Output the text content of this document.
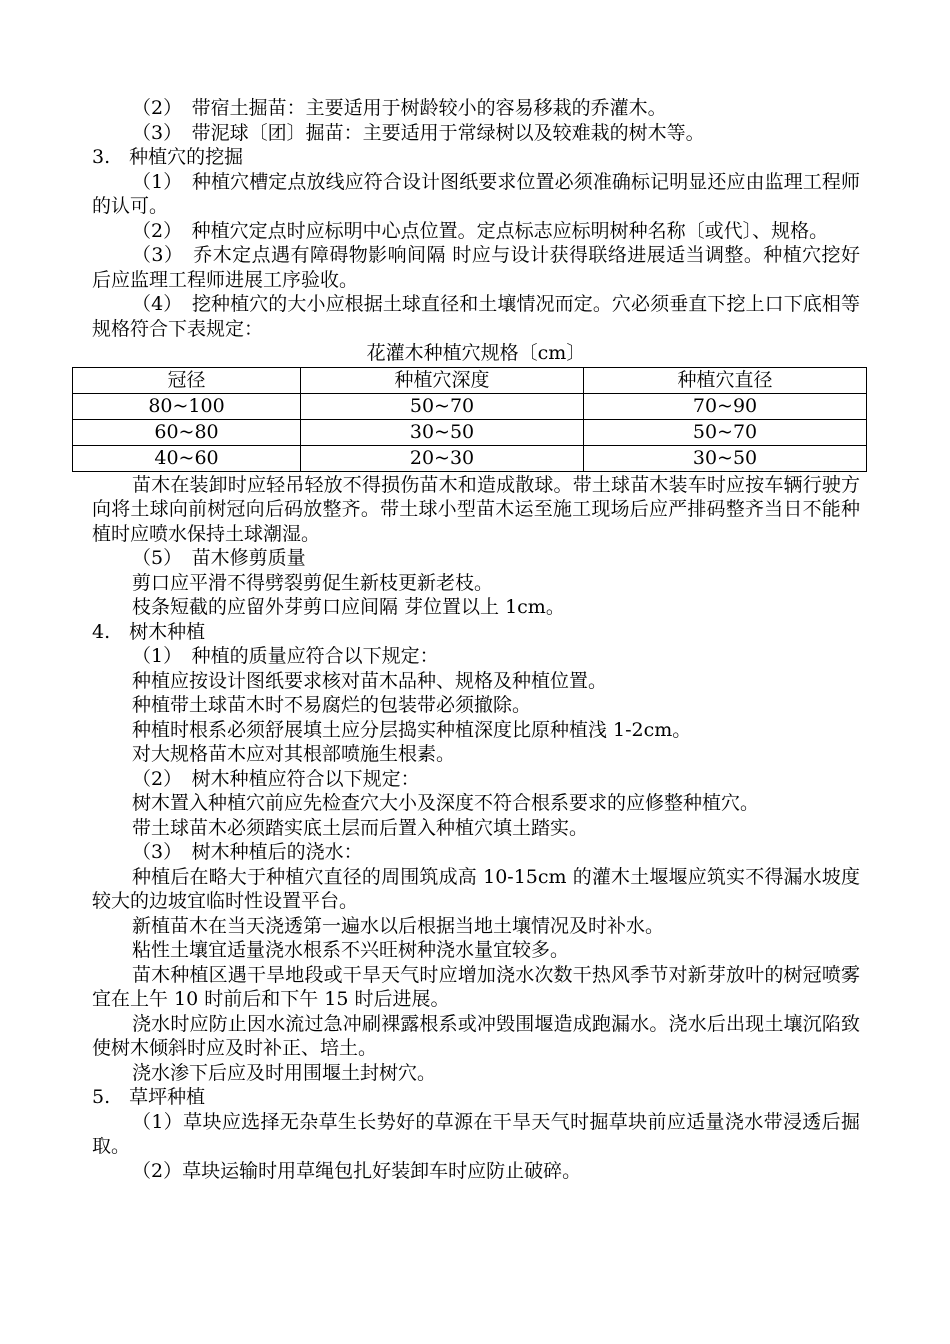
（2）　带宿土掘苗：主要适用于树龄较小的容易移栽的乔灌木。

（3）　带泥球〔团〕掘苗：主要适用于常绿树以及较难栽的树木等。

3.　种植穴的挖掘

（1）　种植穴槽定点放线应符合设计图纸要求位置必须准确标记明显还应由监理工程师的认可。

（2）　种植穴定点时应标明中心点位置。定点标志应标明树种名称〔或代〕、规格。

（3）　乔木定点遇有障碍物影响间隔 时应与设计获得联络进展适当调整。种植穴挖好后应监理工程师进展工序验收。

（4）　挖种植穴的大小应根据土球直径和土壤情况而定。穴必须垂直下挖上口下底相等规格符合下表规定：

花灌木种植穴规格〔cm〕

冠径	种植穴深度	种植穴直径
80~100	50~70	70~90
60~80	30~50	50~70
40~60	20~30	30~50

苗木在装卸时应轻吊轻放不得损伤苗木和造成散球。带土球苗木装车时应按车辆行驶方向将土球向前树冠向后码放整齐。带土球小型苗木运至施工现场后应严排码整齐当日不能种植时应喷水保持土球潮湿。

（5）　苗木修剪质量

剪口应平滑不得劈裂剪促生新枝更新老枝。

枝条短截的应留外芽剪口应间隔 芽位置以上 1cm。

4.　树木种植

（1）　种植的质量应符合以下规定：

种植应按设计图纸要求核对苗木品种、规格及种植位置。

种植带土球苗木时不易腐烂的包装带必须撤除。

种植时根系必须舒展填土应分层捣实种植深度比原种植浅 1-2cm。

对大规格苗木应对其根部喷施生根素。

（2）　树木种植应符合以下规定：

树木置入种植穴前应先检查穴大小及深度不符合根系要求的应修整种植穴。

带土球苗木必须踏实底土层而后置入种植穴填土踏实。

（3）　树木种植后的浇水：

种植后在略大于种植穴直径的周围筑成高 10-15cm 的灌木土堰堰应筑实不得漏水坡度较大的边坡宜临时性设置平台。

新植苗木在当天浇透第一遍水以后根据当地土壤情况及时补水。

粘性土壤宜适量浇水根系不兴旺树种浇水量宜较多。

苗木种植区遇干旱地段或干旱天气时应增加浇水次数干热风季节对新芽放叶的树冠喷雾宜在上午 10 时前后和下午 15 时后进展。

浇水时应防止因水流过急冲刷裸露根系或冲毁围堰造成跑漏水。浇水后出现土壤沉陷致使树木倾斜时应及时补正、培土。

浇水渗下后应及时用围堰土封树穴。

5.　草坪种植

（1）草块应选择无杂草生长势好的草源在干旱天气时掘草块前应适量浇水带浸透后掘取。

（2）草块运输时用草绳包扎好装卸车时应防止破碎。
